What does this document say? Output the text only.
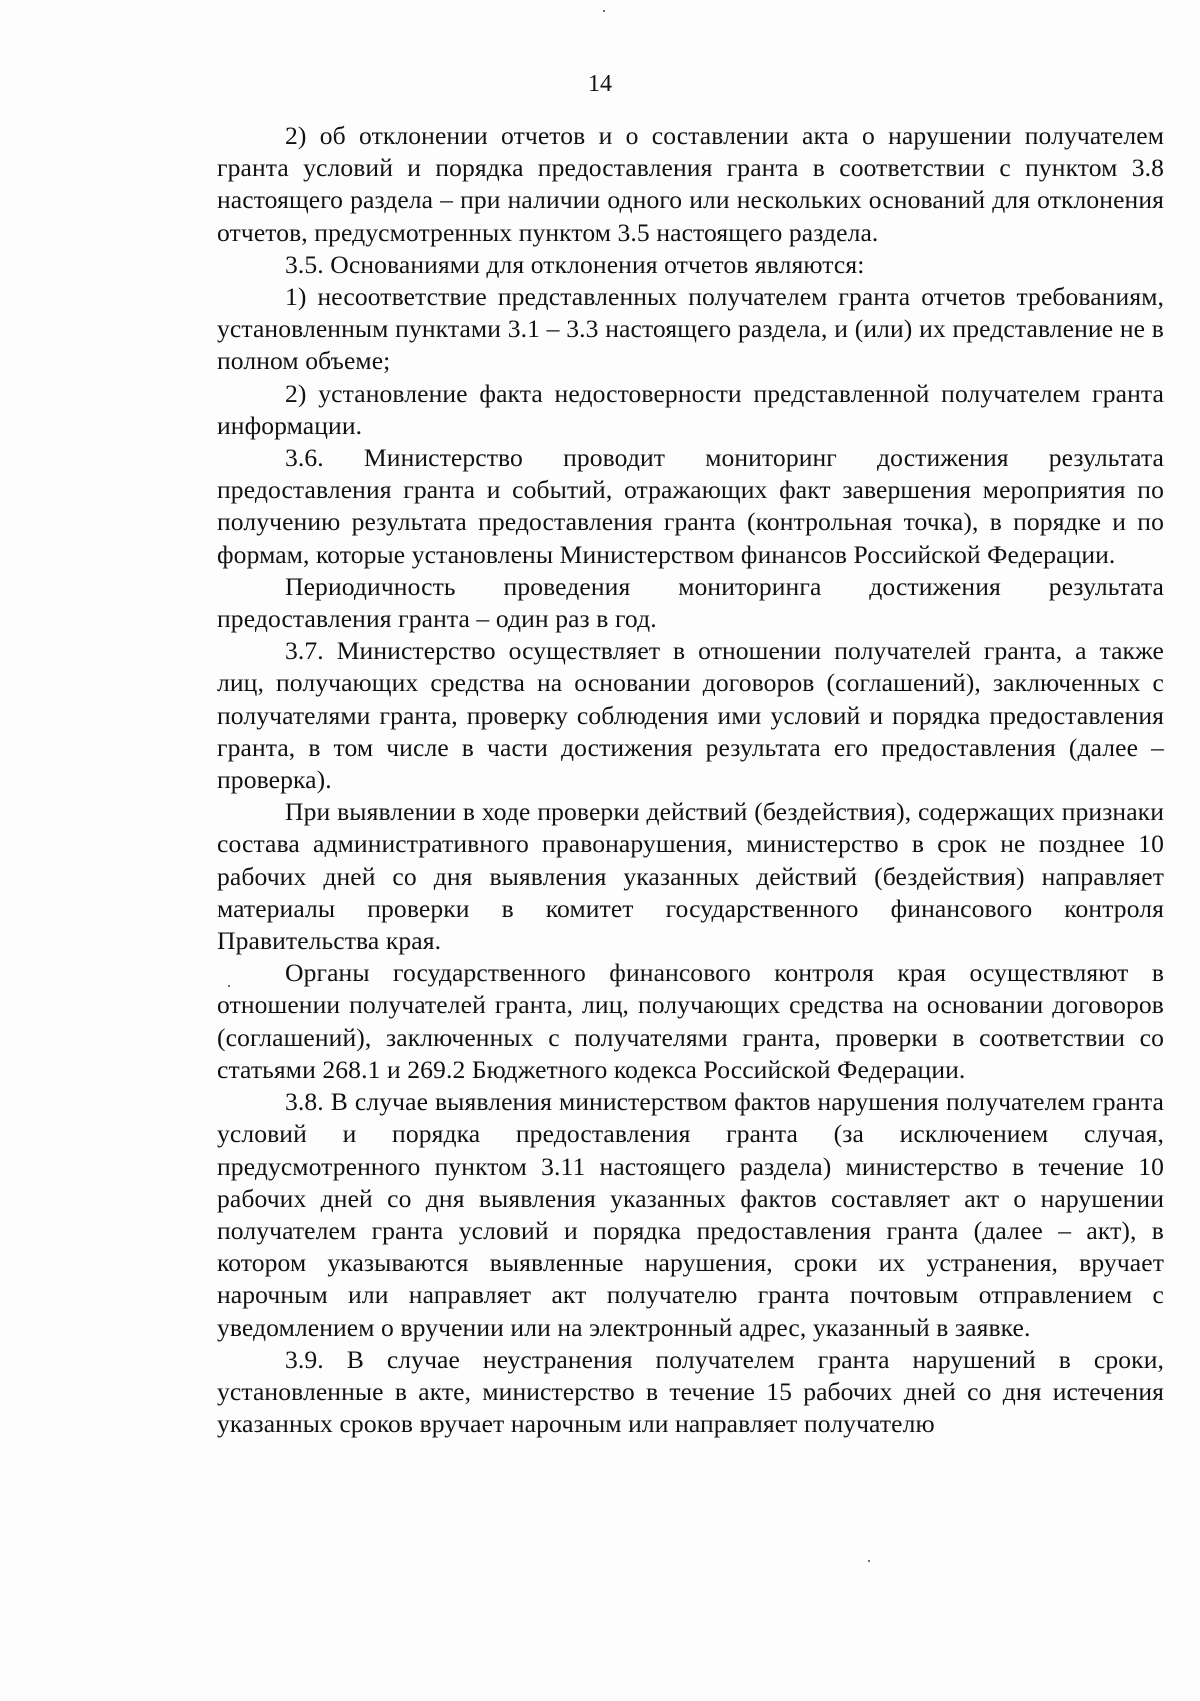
14

2) об отклонении отчетов и о составлении акта о нарушении получателем гранта условий и порядка предоставления гранта в соответствии с пунктом 3.8 настоящего раздела – при наличии одного или нескольких оснований для отклонения отчетов, предусмотренных пунктом 3.5 настоящего раздела.

3.5. Основаниями для отклонения отчетов являются:

1) несоответствие представленных получателем гранта отчетов требованиям, установленным пунктами 3.1 – 3.3 настоящего раздела, и (или) их представление не в полном объеме;

2) установление факта недостоверности представленной получателем гранта информации.

3.6. Министерство проводит мониторинг достижения результата предоставления гранта и событий, отражающих факт завершения мероприятия по получению результата предоставления гранта (контрольная точка), в порядке и по формам, которые установлены Министерством финансов Российской Федерации.

Периодичность проведения мониторинга достижения результата предоставления гранта – один раз в год.

3.7. Министерство осуществляет в отношении получателей гранта, а также лиц, получающих средства на основании договоров (соглашений), заключенных с получателями гранта, проверку соблюдения ими условий и порядка предоставления гранта, в том числе в части достижения результата его предоставления (далее – проверка).

При выявлении в ходе проверки действий (бездействия), содержащих признаки состава административного правонарушения, министерство в срок не позднее 10 рабочих дней со дня выявления указанных действий (бездействия) направляет материалы проверки в комитет государственного финансового контроля Правительства края.

Органы государственного финансового контроля края осуществляют в отношении получателей гранта, лиц, получающих средства на основании договоров (соглашений), заключенных с получателями гранта, проверки в соответствии со статьями 268.1 и 269.2 Бюджетного кодекса Российской Федерации.

3.8. В случае выявления министерством фактов нарушения получателем гранта условий и порядка предоставления гранта (за исключением случая, предусмотренного пунктом 3.11 настоящего раздела) министерство в течение 10 рабочих дней со дня выявления указанных фактов составляет акт о нарушении получателем гранта условий и порядка предоставления гранта (далее – акт), в котором указываются выявленные нарушения, сроки их устранения, вручает нарочным или направляет акт получателю гранта почтовым отправлением с уведомлением о вручении или на электронный адрес, указанный в заявке.

3.9. В случае неустранения получателем гранта нарушений в сроки, установленные в акте, министерство в течение 15 рабочих дней со дня истечения указанных сроков вручает нарочным или направляет получателю
